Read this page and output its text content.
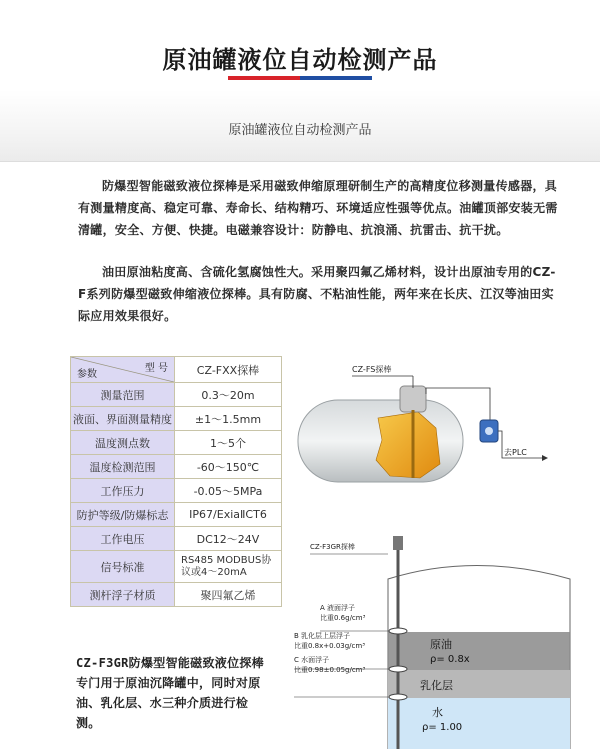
原油罐液位自动检测产品
原油罐液位自动检测产品
防爆型智能磁致液位探棒是采用磁致伸缩原理研制生产的高精度位移测量传感器，具有测量精度高、稳定可靠、寿命长、结构精巧、环境适应性强等优点。油罐顶部安装无需清罐，安全、方便、快捷。电磁兼容设计：防静电、抗浪涌、抗雷击、抗干扰。
油田原油粘度高、含硫化氢腐蚀性大。采用聚四氟乙烯材料，设计出原油专用的CZ-F系列防爆型磁致伸缩液位探棒。具有防腐、不粘油性能，两年来在长庆、江汉等油田实际应用效果很好。
型 号
参数	CZ-FXX探棒
测量范围	0.3～20m
液面、界面测量精度	±1～1.5mm
温度测点数	1～5个
温度检测范围	-60～150℃
工作压力	-0.05～5MPa
防护等级/防爆标志	IP67/ExiaⅡCT6
工作电压	DC12～24V
信号标准	RS485 MODBUS协议或4～20mA
测杆浮子材质	聚四氟乙烯
CZ-FS探棒
去PLC
CZ-F3GR探棒
A 液面浮子
比重0.6g/cm³
B 乳化层上层浮子
比重0.8x+0.03g/cm³
C 水面浮子
比重0.98±0.05g/cm³
原油
ρ= 0.8x
乳化层
水
ρ= 1.00
CZ-F3GR防爆型智能磁致液位探棒专门用于原油沉降罐中，同时对原油、乳化层、水三种介质进行检测。
